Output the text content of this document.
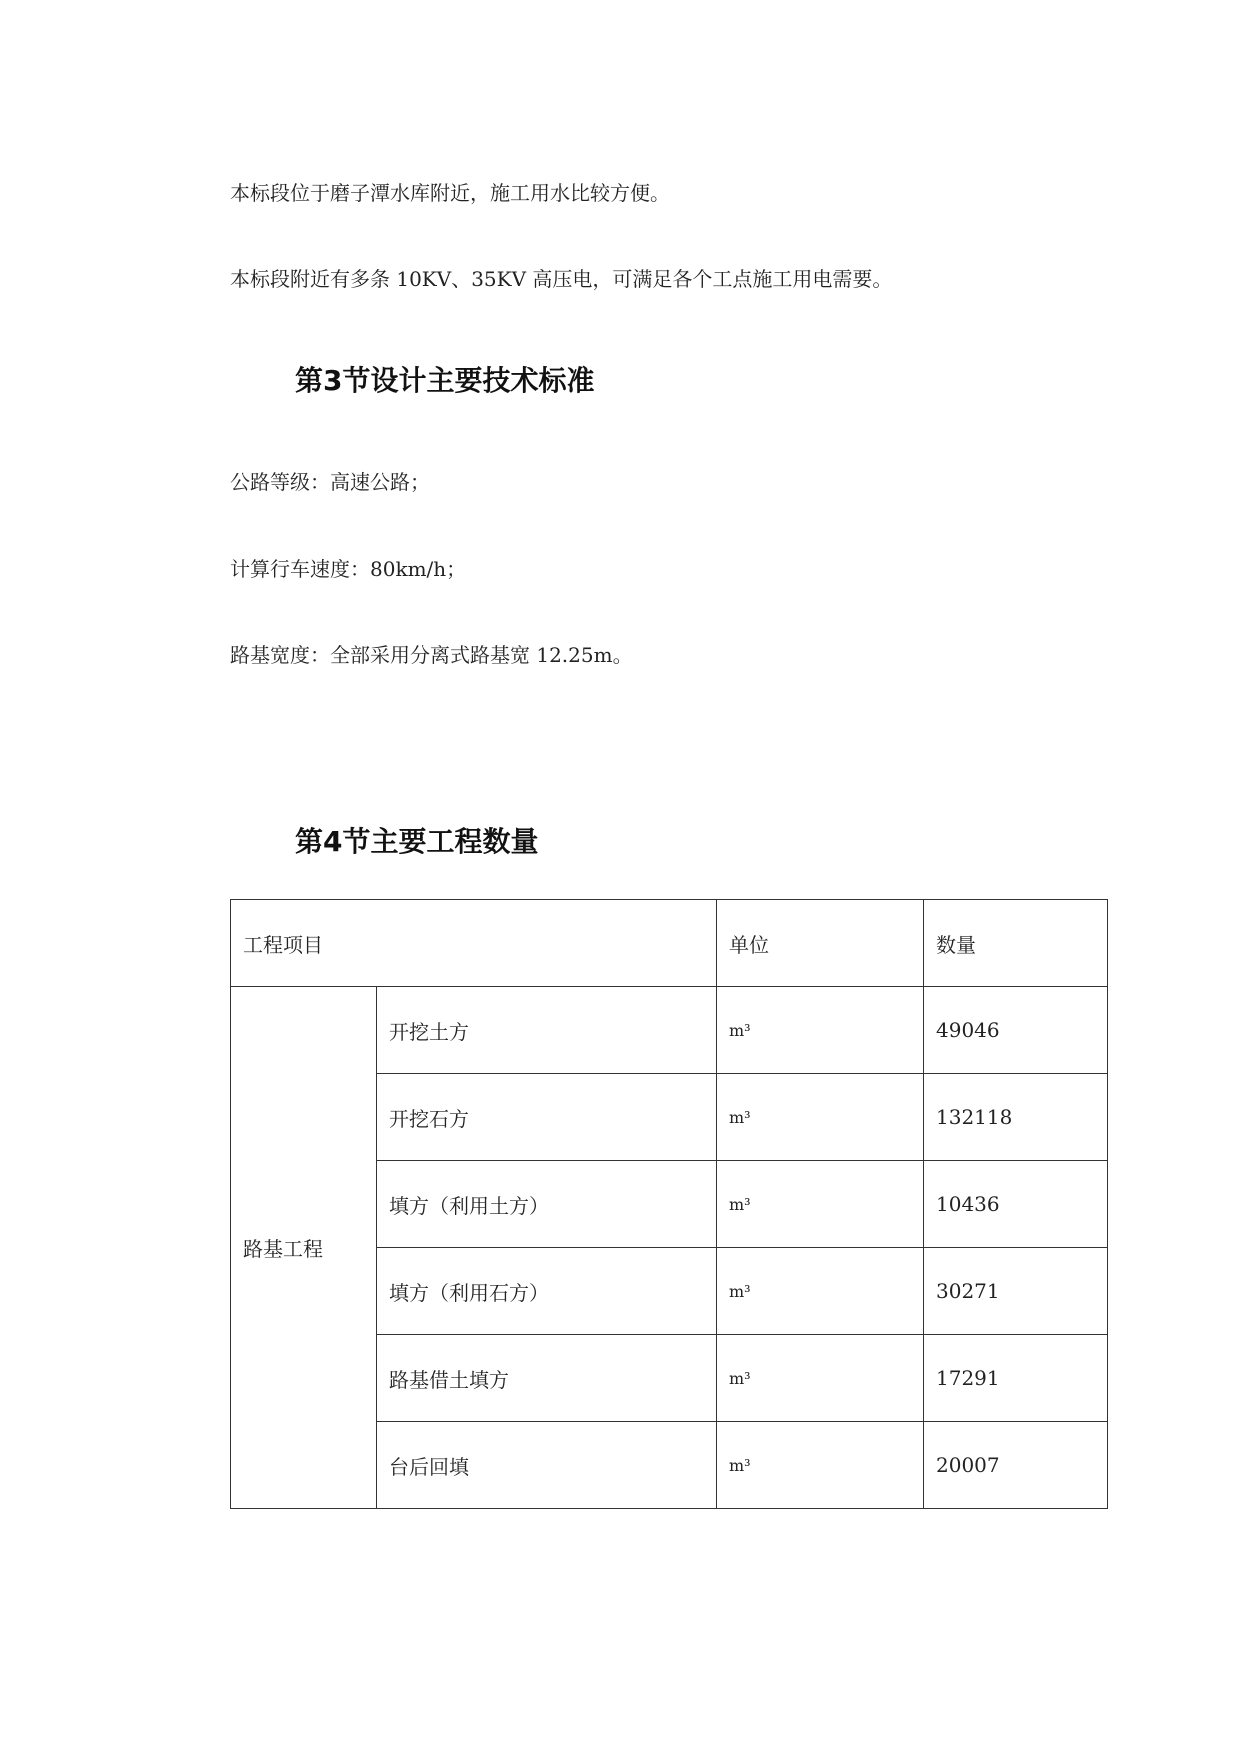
本标段位于磨子潭水库附近，施工用水比较方便。

本标段附近有多条 10KV、35KV 高压电，可满足各个工点施工用电需要。

第3节设计主要技术标准

公路等级：高速公路；

计算行车速度：80km/h；

路基宽度：全部采用分离式路基宽 12.25m。

第4节主要工程数量
工程项目		单位	数量
路基工程	开挖土方	m³	49046
	开挖石方	m³	132118
	填方（利用土方）	m³	10436
	填方（利用石方）	m³	30271
	路基借土填方	m³	17291
	台后回填	m³	20007
